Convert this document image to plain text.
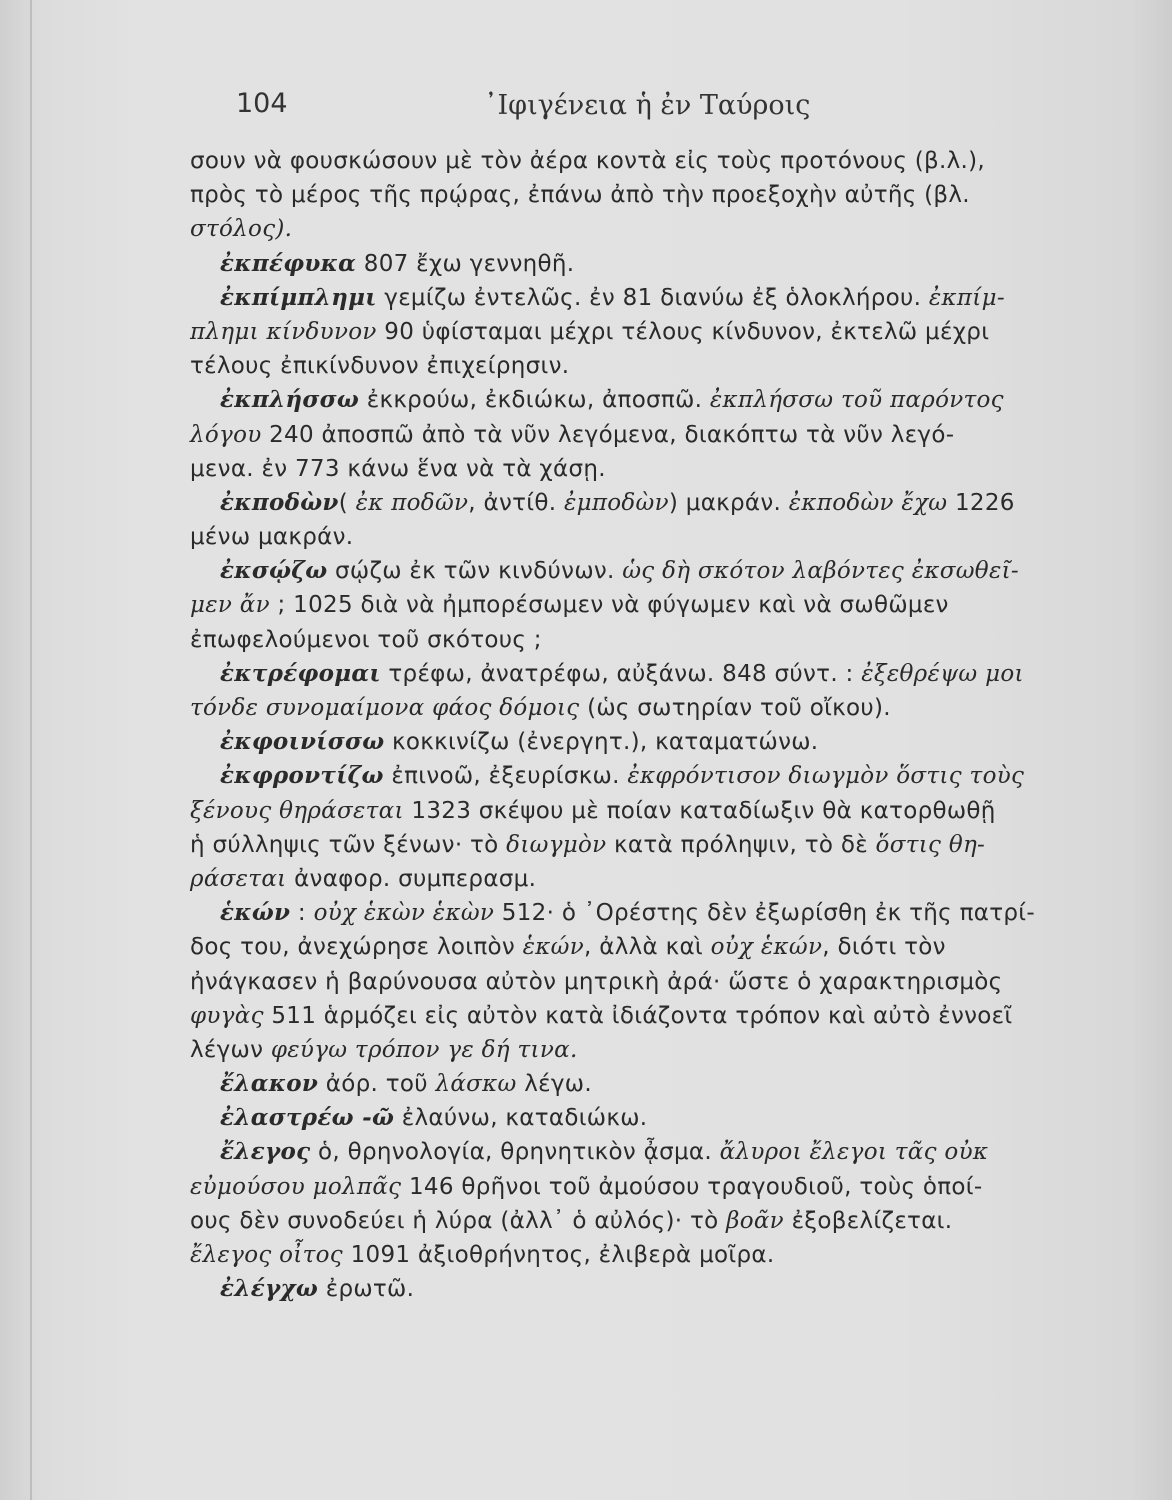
104	᾽Ιφιγένεια ἡ ἐν Ταύροις
σουν νὰ φουσκώσουν μὲ τὸν ἀέρα κοντὰ εἰς τοὺς προτόνους (β.λ.),
πρὸς τὸ μέρος τῆς πρῴρας, ἐπάνω ἀπὸ τὴν προεξοχὴν αὐτῆς (βλ.
στόλος).
ἐκπέφυκα 807 ἔχω γεννηθῆ.
ἐκπίμπλημι γεμίζω ἐντελῶς. ἐν 81 διανύω ἐξ ὁλοκλήρου. ἐκπίμ-
πλημι κίνδυνον 90 ὑφίσταμαι μέχρι τέλους κίνδυνον, ἐκτελῶ μέχρι
τέλους ἐπικίνδυνον ἐπιχείρησιν.
ἐκπλήσσω ἐκκρούω, ἐκδιώκω, ἀποσπῶ. ἐκπλήσσω τοῦ παρόντος
λόγου 240 ἀποσπῶ ἀπὸ τὰ νῦν λεγόμενα, διακόπτω τὰ νῦν λεγό-
μενα. ἐν 773 κάνω ἕνα νὰ τὰ χάσῃ.
ἐκποδὼν( ἐκ ποδῶν, ἀντίθ. ἐμποδὼν) μακράν. ἐκποδὼν ἔχω 1226
μένω μακράν.
ἐκσῴζω σῴζω ἐκ τῶν κινδύνων. ὡς δὴ σκότον λαβόντες ἐκσωθεῖ-
μεν ἄν ; 1025 διὰ νὰ ἠμπορέσωμεν νὰ φύγωμεν καὶ νὰ σωθῶμεν
ἐπωφελούμενοι τοῦ σκότους ;
ἐκτρέφομαι τρέφω, ἀνατρέφω, αὐξάνω. 848 σύντ. : ἐξεθρέψω μοι
τόνδε συνομαίμονα φάος δόμοις (ὡς σωτηρίαν τοῦ οἴκου).
ἐκφοινίσσω κοκκινίζω (ἐνεργητ.), καταματώνω.
ἐκφροντίζω ἐπινοῶ, ἐξευρίσκω. ἐκφρόντισον διωγμὸν ὅστις τοὺς
ξένους θηράσεται 1323 σκέψου μὲ ποίαν καταδίωξιν θὰ κατορθωθῇ
ἡ σύλληψις τῶν ξένων· τὸ διωγμὸν κατὰ πρόληψιν, τὸ δὲ ὅστις θη-
ράσεται ἀναφορ. συμπερασμ.
ἑκών : οὐχ ἑκὼν ἑκὼν 512· ὁ ᾽Ορέστης δὲν ἐξωρίσθη ἐκ τῆς πατρί-
δος του, ἀνεχώρησε λοιπὸν ἑκών, ἀλλὰ καὶ οὐχ ἑκών, διότι τὸν
ἠνάγκασεν ἡ βαρύνουσα αὐτὸν μητρικὴ ἀρά· ὥστε ὁ χαρακτηρισμὸς
φυγὰς 511 ἁρμόζει εἰς αὐτὸν κατὰ ἰδιάζοντα τρόπον καὶ αὐτὸ ἐννοεῖ
λέγων φεύγω τρόπον γε δή τινα.
ἔλακον ἀόρ. τοῦ λάσκω λέγω.
ἐλαστρέω -ῶ ἐλαύνω, καταδιώκω.
ἔλεγος ὁ, θρηνολογία, θρηνητικὸν ᾆσμα. ἄλυροι ἔλεγοι τᾶς οὐκ
εὐμούσου μολπᾶς 146 θρῆνοι τοῦ ἀμούσου τραγουδιοῦ, τοὺς ὁποί-
ους δὲν συνοδεύει ἡ λύρα (ἀλλ᾽ ὁ αὐλός)· τὸ βοᾶν ἐξοβελίζεται.
ἔλεγος οἶτος 1091 ἀξιοθρήνητος, ἐλιβερὰ μοῖρα.
ἐλέγχω ἐρωτῶ.
